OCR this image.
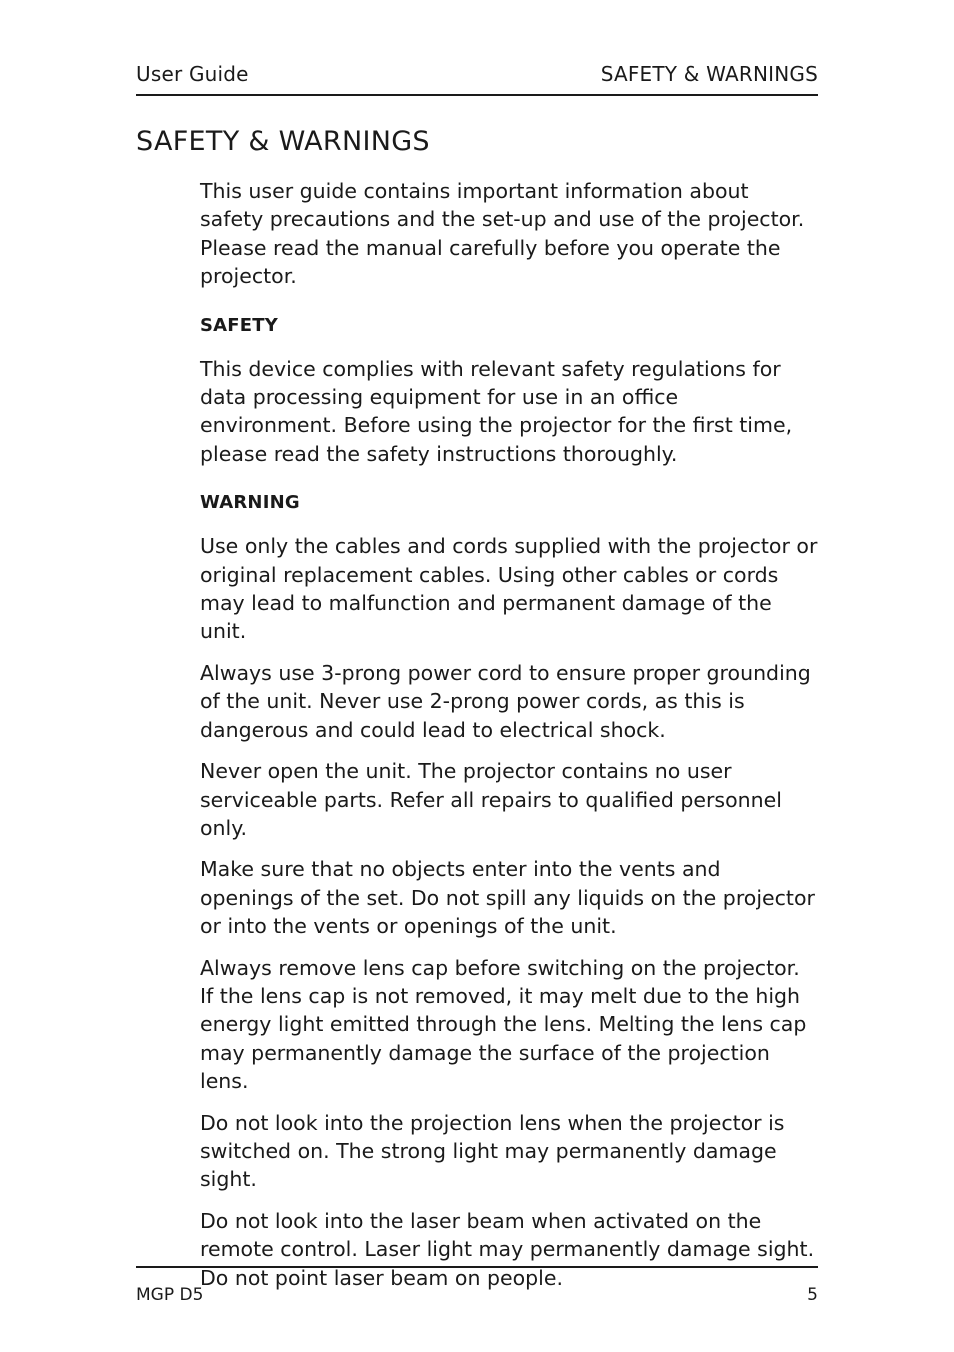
User Guide	SAFETY & WARNINGS
SAFETY & WARNINGS

This user guide contains important information about safety precautions and the set-up and use of the projector. Please read the manual carefully before you operate the projector.

SAFETY

This device complies with relevant safety regulations for data processing equipment for use in an office environment. Before using the projector for the first time, please read the safety instructions thoroughly.

WARNING

Use only the cables and cords supplied with the projector or original replacement cables. Using other cables or cords may lead to malfunction and permanent damage of the unit.

Always use 3-prong power cord to ensure proper grounding of the unit. Never use 2-prong power cords, as this is dangerous and could lead to electrical shock.

Never open the unit. The projector contains no user serviceable parts. Refer all repairs to qualified personnel only.

Make sure that no objects enter into the vents and openings of the set. Do not spill any liquids on the projector or into the vents or openings of the unit.

Always remove lens cap before switching on the projector. If the lens cap is not removed, it may melt due to the high energy light emitted through the lens. Melting the lens cap may permanently damage the surface of the projection lens.

Do not look into the projection lens when the projector is switched on. The strong light may permanently damage sight.

Do not look into the laser beam when activated on the remote control. Laser light may permanently damage sight. Do not point laser beam on people.

MGP D5	5
